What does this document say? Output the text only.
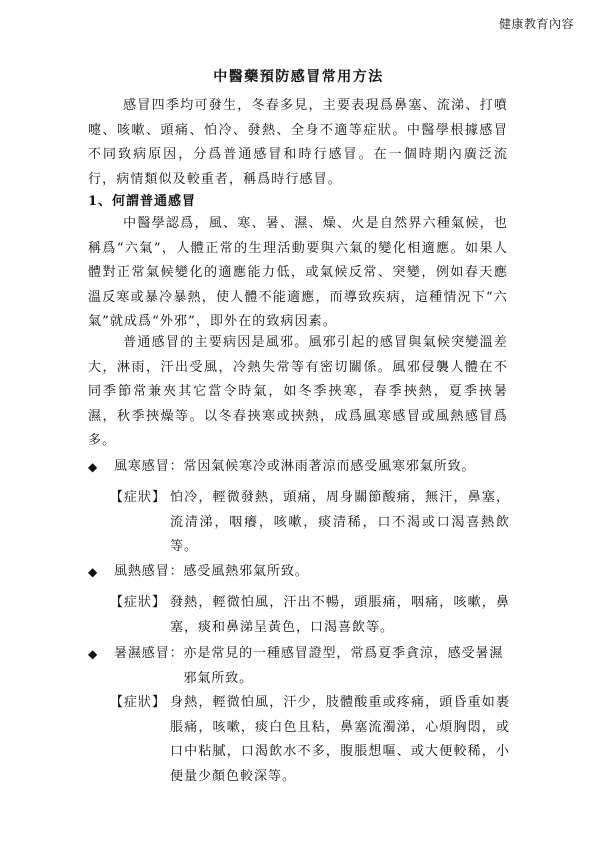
健康教育內容
中醫藥預防感冒常用方法
感冒四季均可發生，冬春多見，主要表現爲鼻塞、流涕、打噴嚏、咳嗽、頭痛、怕冷、發熱、全身不適等症狀。中醫學根據感冒不同致病原因，分爲普通感冒和時行感冒。在一個時期內廣泛流行，病情類似及較重者，稱爲時行感冒。
1、何謂普通感冒
中醫學認爲，風、寒、暑、濕、燥、火是自然界六種氣候，也稱爲“六氣”，人體正常的生理活動要與六氣的變化相適應。如果人體對正常氣候變化的適應能力低，或氣候反常、突變，例如春天應溫反寒或暴冷暴熱，使人體不能適應，而導致疾病，這種情況下“六氣”就成爲“外邪”，即外在的致病因素。
普通感冒的主要病因是風邪。風邪引起的感冒與氣候突變溫差大，淋雨，汗出受風，冷熱失常等有密切關係。風邪侵襲人體在不同季節常兼夾其它當令時氣，如冬季挾寒，春季挾熱，夏季挾暑濕，秋季挾燥等。以冬春挾寒或挾熱，成爲風寒感冒或風熱感冒爲多。
◆	風寒感冒： 常因氣候寒冷或淋雨著涼而感受風寒邪氣所致。
【症狀】 怕冷，輕微發熱，頭痛，周身關節酸痛，無汗，鼻塞，流清涕，咽癢，咳嗽，痰清稀，口不渴或口渴喜熱飲等。
◆	風熱感冒： 感受風熱邪氣所致。
【症狀】 發熱，輕微怕風，汗出不暢，頭脹痛，咽痛，咳嗽，鼻塞，痰和鼻涕呈黃色，口渴喜飲等。
◆	暑濕感冒： 亦是常見的一種感冒證型，常爲夏季貪涼，感受暑濕邪氣所致。
【症狀】 身熱，輕微怕風，汗少，肢體酸重或疼痛，頭昏重如裹脹痛，咳嗽，痰白色且粘，鼻塞流濁涕，心煩胸悶，或口中粘膩，口渴飲水不多，腹脹想嘔、或大便較稀，小便量少顏色較深等。
